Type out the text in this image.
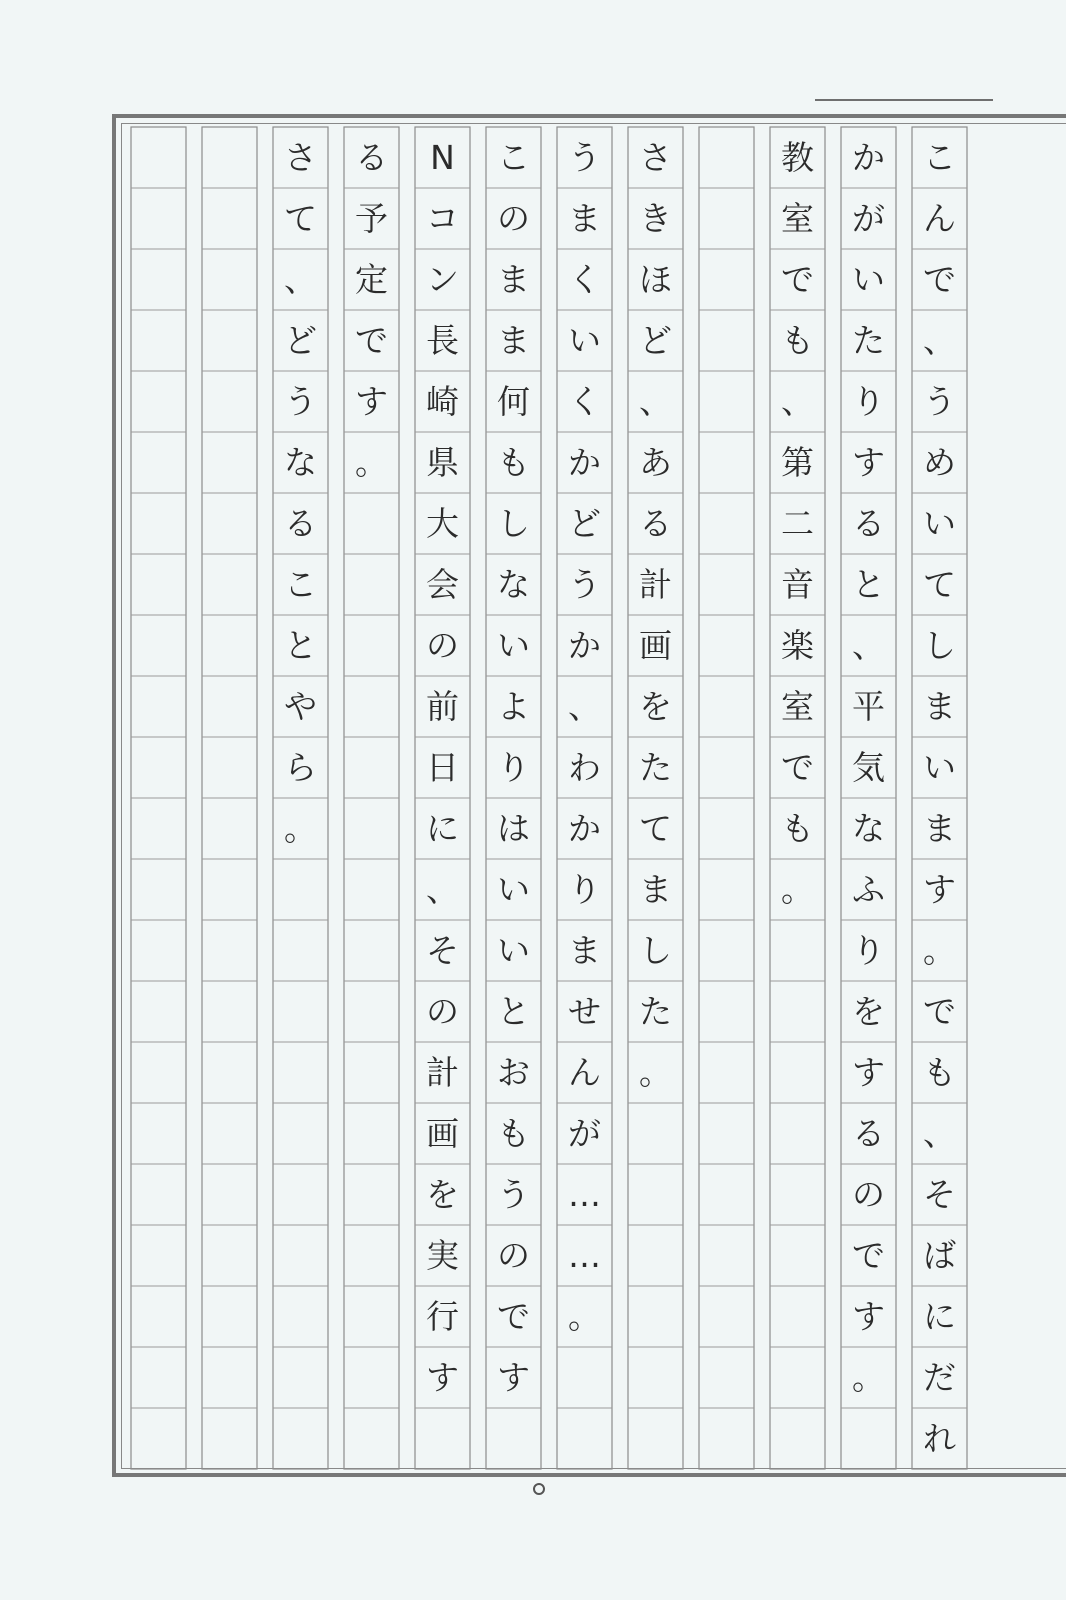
こ
ん
で
、
う
め
い
て
し
ま
い
ま
す
。
で
も
、
そ
ば
に
だ
れ
か
が
い
た
り
す
る
と
、
平
気
な
ふ
り
を
す
る
の
で
す
。
教
室
で
も
、
第
二
音
楽
室
で
も
。
さ
き
ほ
ど
、
あ
る
計
画
を
た
て
ま
し
た
。
う
ま
く
い
く
か
ど
う
か
、
わ
か
り
ま
せ
ん
が
…
…
。
こ
の
ま
ま
何
も
し
な
い
よ
り
は
い
い
と
お
も
う
の
で
す
N
コ
ン
長
崎
県
大
会
の
前
日
に
、
そ
の
計
画
を
実
行
す
る
予
定
で
す
。
さ
て
、
ど
う
な
る
こ
と
や
ら
。
